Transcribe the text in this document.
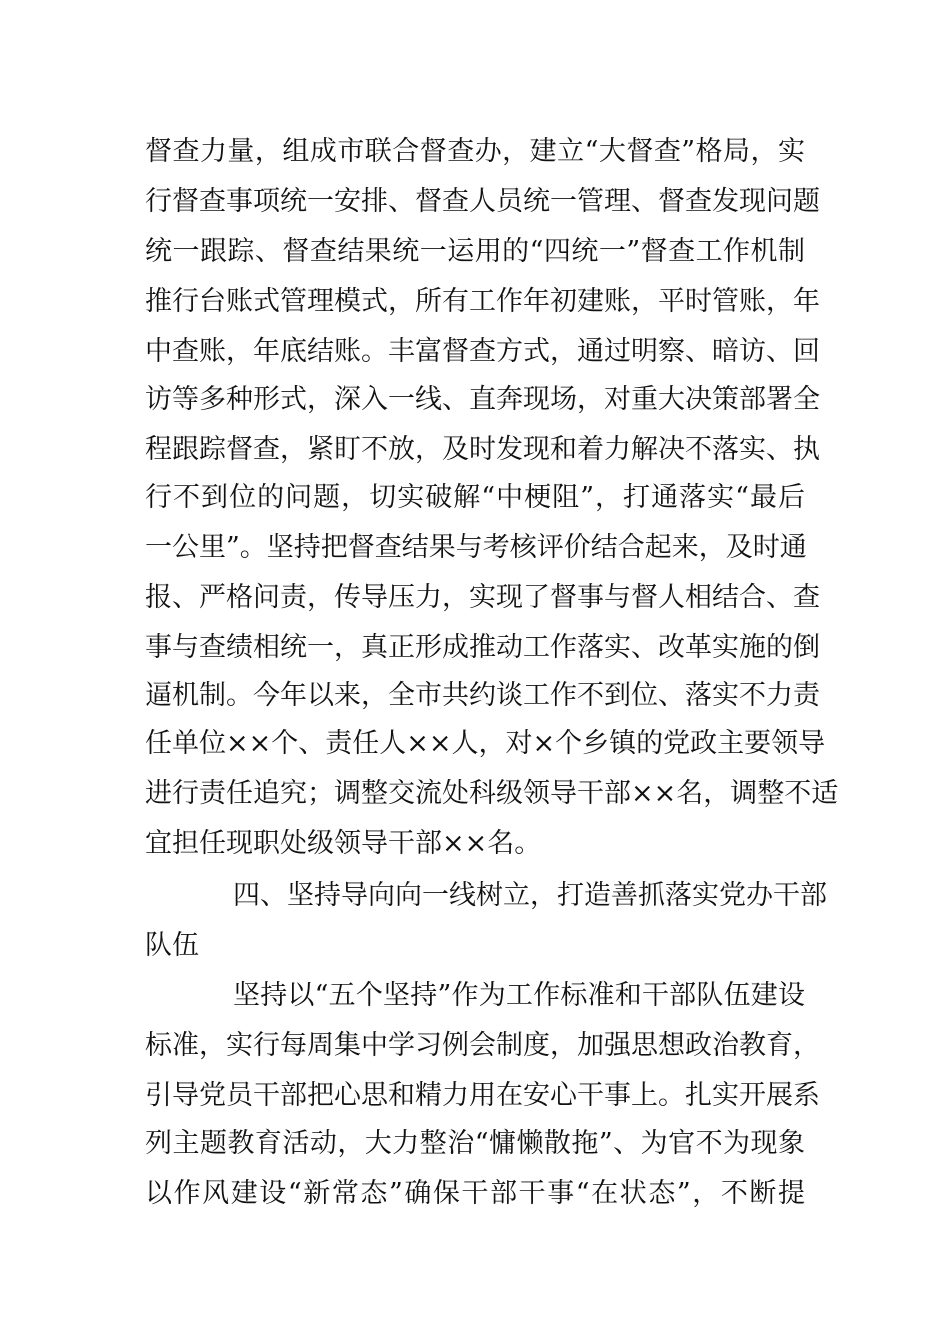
督查力量，组成市联合督查办，建立“大督查”格局，实
行督查事项统一安排、督查人员统一管理、督查发现问题
统一跟踪、督查结果统一运用的“四统一”督查工作机制
推行台账式管理模式，所有工作年初建账，平时管账，年
中查账，年底结账。丰富督查方式，通过明察、暗访、回
访等多种形式，深入一线、直奔现场，对重大决策部署全
程跟踪督查，紧盯不放，及时发现和着力解决不落实、执
行不到位的问题，切实破解“中梗阻”，打通落实“最后
一公里”。坚持把督查结果与考核评价结合起来，及时通
报、严格问责，传导压力，实现了督事与督人相结合、查
事与查绩相统一，真正形成推动工作落实、改革实施的倒
逼机制。今年以来，全市共约谈工作不到位、落实不力责
任单位××个、责任人××人，对×个乡镇的党政主要领导
进行责任追究；调整交流处科级领导干部××名，调整不适
宜担任现职处级领导干部××名。
四、坚持导向向一线树立，打造善抓落实党办干部
队伍
坚持以“五个坚持”作为工作标准和干部队伍建设
标准，实行每周集中学习例会制度，加强思想政治教育，
引导党员干部把心思和精力用在安心干事上。扎实开展系
列主题教育活动，大力整治“慵懒散拖”、为官不为现象
以作风建设“新常态”确保干部干事“在状态”，不断提
